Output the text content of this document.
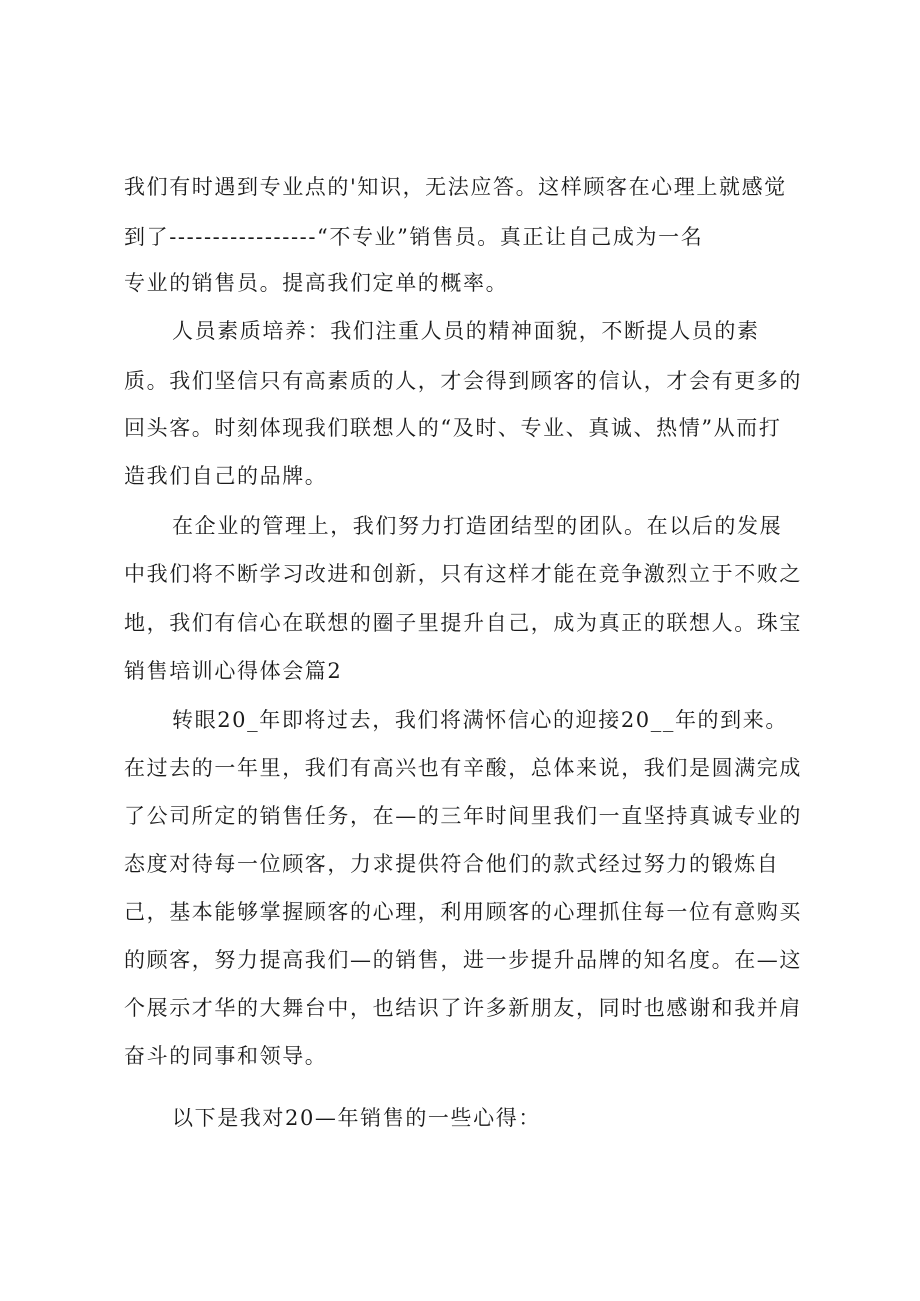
我们有时遇到专业点的'知识，无法应答。这样顾客在心理上就感觉

到了-----------------“不专业”销售员。真正让自己成为一名

专业的销售员。提高我们定单的概率。

人员素质培养：我们注重人员的精神面貌，不断提人员的素

质。我们坚信只有高素质的人，才会得到顾客的信认，才会有更多的

回头客。时刻体现我们联想人的“及时、专业、真诚、热情”从而打

造我们自己的品牌。

在企业的管理上，我们努力打造团结型的团队。在以后的发展

中我们将不断学习改进和创新，只有这样才能在竞争激烈立于不败之

地，我们有信心在联想的圈子里提升自己，成为真正的联想人。珠宝

销售培训心得体会篇2

转眼20_年即将过去，我们将满怀信心的迎接20__年的到来。

在过去的一年里，我们有高兴也有辛酸，总体来说，我们是圆满完成

了公司所定的销售任务，在—的三年时间里我们一直坚持真诚专业的

态度对待每一位顾客，力求提供符合他们的款式经过努力的锻炼自

己，基本能够掌握顾客的心理，利用顾客的心理抓住每一位有意购买

的顾客，努力提高我们—的销售，进一步提升品牌的知名度。在—这

个展示才华的大舞台中，也结识了许多新朋友，同时也感谢和我并肩

奋斗的同事和领导。

以下是我对20—年销售的一些心得：
